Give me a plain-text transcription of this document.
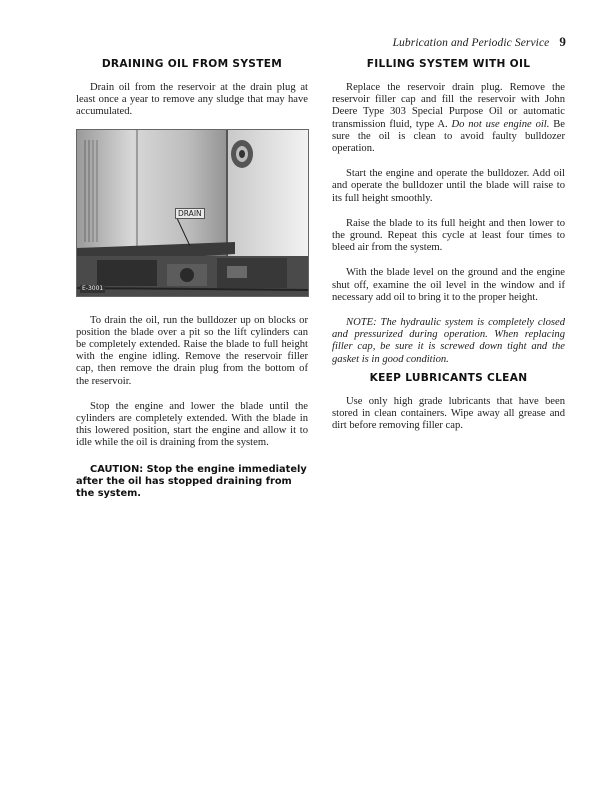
Lubrication and Periodic Service 9
DRAINING OIL FROM SYSTEM

Drain oil from the reservoir at the drain plug at least once a year to remove any sludge that may have accumulated.

DRAIN
E-3001

To drain the oil, run the bulldozer up on blocks or position the blade over a pit so the lift cylinders can be completely extended. Raise the blade to full height with the engine idling. Remove the reservoir filler cap, then remove the drain plug from the bottom of the reservoir.

Stop the engine and lower the blade until the cylinders are completely extended. With the blade in this lowered position, start the engine and allow it to idle while the oil is draining from the system.

CAUTION: Stop the engine immediately after the oil has stopped draining from the system.

FILLING SYSTEM WITH OIL

Replace the reservoir drain plug. Remove the reservoir filler cap and fill the reservoir with John Deere Type 303 Special Purpose Oil or automatic transmission fluid, type A. Do not use engine oil. Be sure the oil is clean to avoid faulty bulldozer operation.

Start the engine and operate the bulldozer. Add oil and operate the bulldozer until the blade will raise to its full height smoothly.

Raise the blade to its full height and then lower to the ground. Repeat this cycle at least four times to bleed air from the system.

With the blade level on the ground and the engine shut off, examine the oil level in the window and if necessary add oil to bring it to the proper height.

NOTE: The hydraulic system is completely closed and pressurized during operation. When replacing filler cap, be sure it is screwed down tight and the gasket is in good condition.

KEEP LUBRICANTS CLEAN

Use only high grade lubricants that have been stored in clean containers. Wipe away all grease and dirt before removing filler cap.
